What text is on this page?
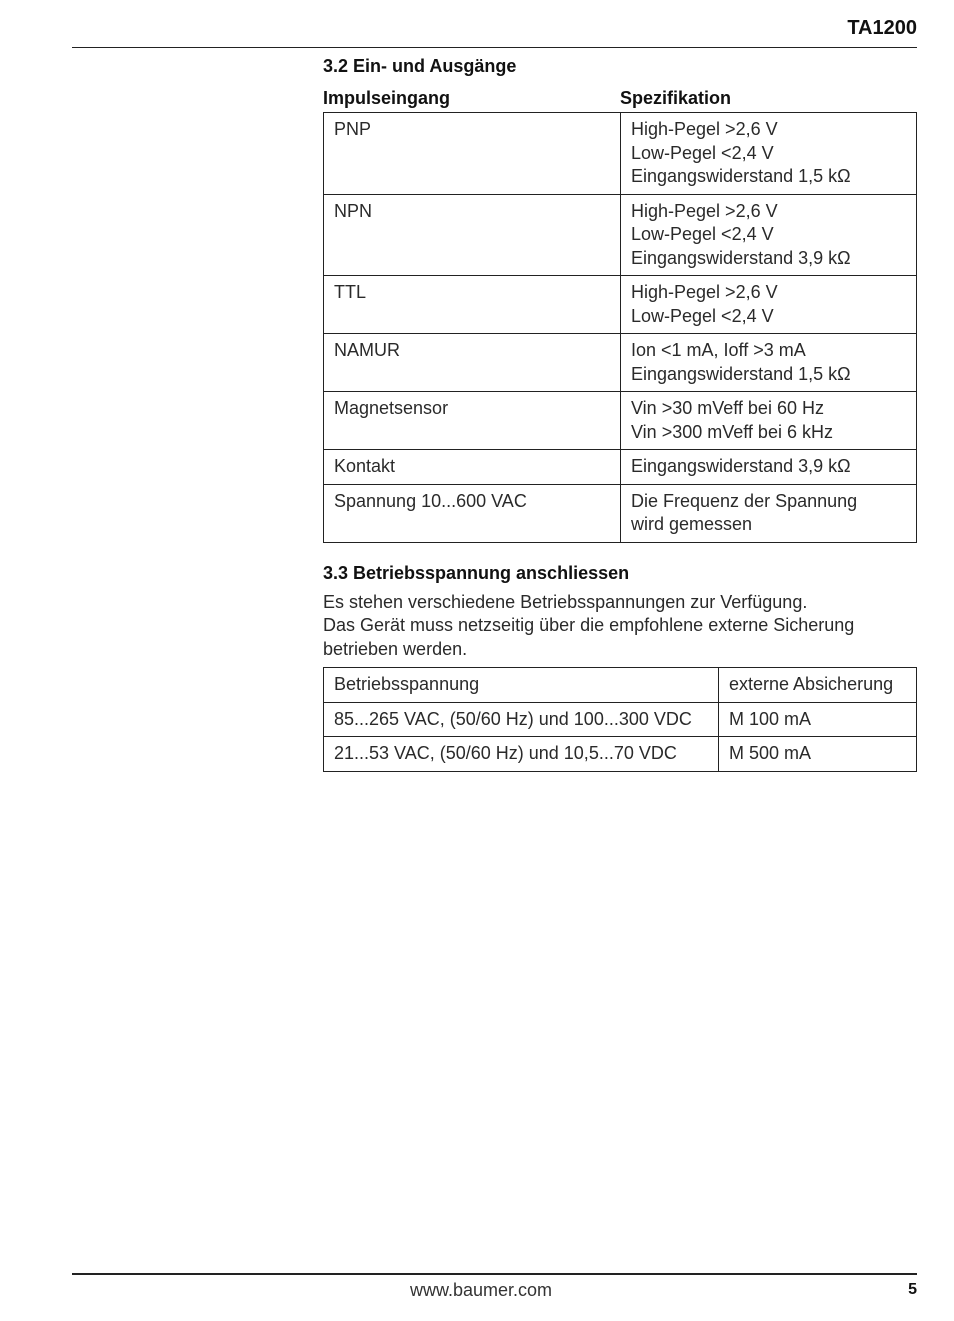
TA1200
3.2 Ein- und Ausgänge
Impulseingang	Spezifikation
PNP	High-Pegel >2,6 V
Low-Pegel <2,4 V
Eingangswiderstand 1,5 kΩ

NPN	High-Pegel >2,6 V
Low-Pegel <2,4 V
Eingangswiderstand 3,9 kΩ

TTL	High-Pegel >2,6 V
Low-Pegel <2,4 V

NAMUR	Ion <1 mA, Ioff >3 mA
Eingangswiderstand 1,5 kΩ

Magnetsensor	Vin >30 mVeff bei 60 Hz
Vin >300 mVeff bei 6 kHz

Kontakt	Eingangswiderstand 3,9 kΩ

Spannung 10...600 VAC	Die Frequenz der Spannung
wird gemessen
3.3 Betriebsspannung anschliessen

Es stehen verschiedene Betriebsspannungen zur Verfügung.
Das Gerät muss netzseitig über die empfohlene externe Sicherung
betrieben werden.

Betriebsspannung	externe Absicherung
85...265 VAC, (50/60 Hz) und 100...300 VDC	M 100 mA
21...53 VAC, (50/60 Hz) und 10,5...70 VDC	M 500 mA
www.baumer.com	5
